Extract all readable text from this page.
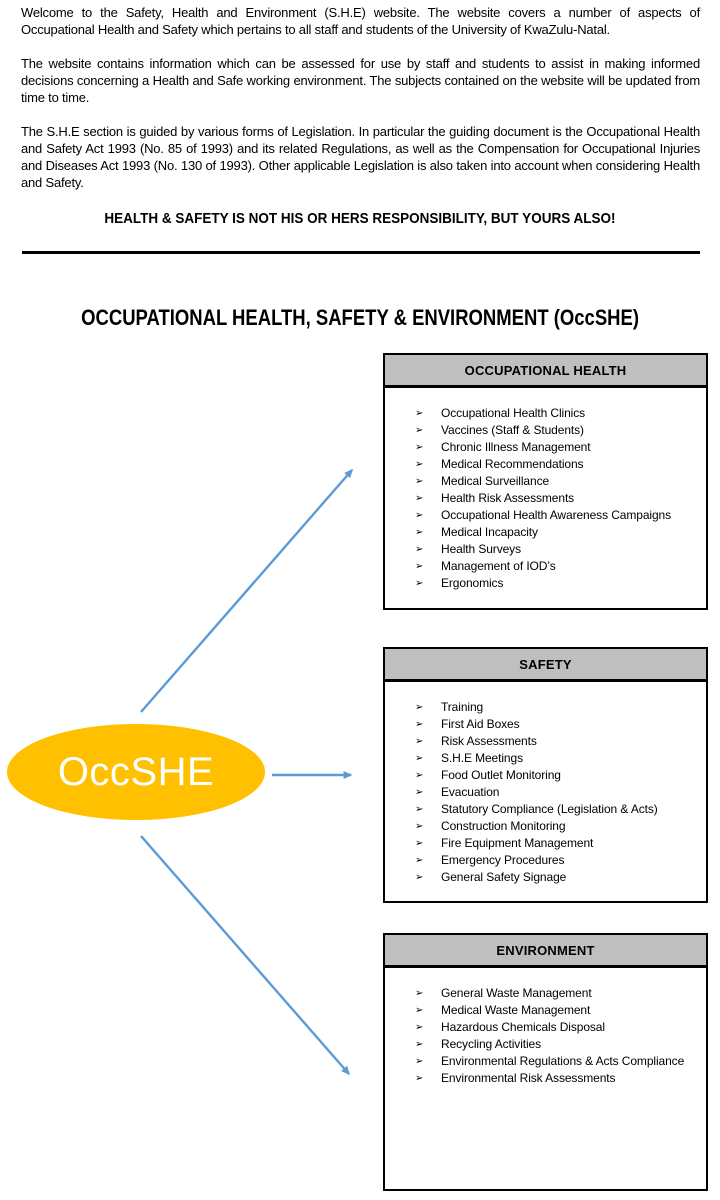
Welcome to the Safety, Health and Environment (S.H.E) website. The website covers a number of aspects of Occupational Health and Safety which pertains to all staff and students of the University of KwaZulu-Natal.

The website contains information which can be assessed for use by staff and students to assist in making informed decisions concerning a Health and Safe working environment. The subjects contained on the website will be updated from time to time.

The S.H.E section is guided by various forms of Legislation. In particular the guiding document is the Occupational Health and Safety Act 1993 (No. 85 of 1993) and its related Regulations, as well as the Compensation for Occupational Injuries and Diseases Act 1993 (No. 130 of 1993). Other applicable Legislation is also taken into account when considering Health and Safety.

HEALTH & SAFETY IS NOT HIS OR HERS RESPONSIBILITY, BUT YOURS ALSO!
OCCUPATIONAL HEALTH, SAFETY & ENVIRONMENT (OccSHE)
OccSHE
OCCUPATIONAL HEALTH
➢	Occupational Health Clinics
➢	Vaccines (Staff & Students)
➢	Chronic Illness Management
➢	Medical Recommendations
➢	Medical Surveillance
➢	Health Risk Assessments
➢	Occupational Health Awareness Campaigns
➢	Medical Incapacity
➢	Health Surveys
➢	Management of IOD’s
➢	Ergonomics
SAFETY
➢	Training
➢	First Aid Boxes
➢	Risk Assessments
➢	S.H.E Meetings
➢	Food Outlet Monitoring
➢	Evacuation
➢	Statutory Compliance (Legislation & Acts)
➢	Construction Monitoring
➢	Fire Equipment Management
➢	Emergency Procedures
➢	General Safety Signage
ENVIRONMENT
➢	General Waste Management
➢	Medical Waste Management
➢	Hazardous Chemicals Disposal
➢	Recycling Activities
➢	Environmental Regulations & Acts Compliance
➢	Environmental Risk Assessments
